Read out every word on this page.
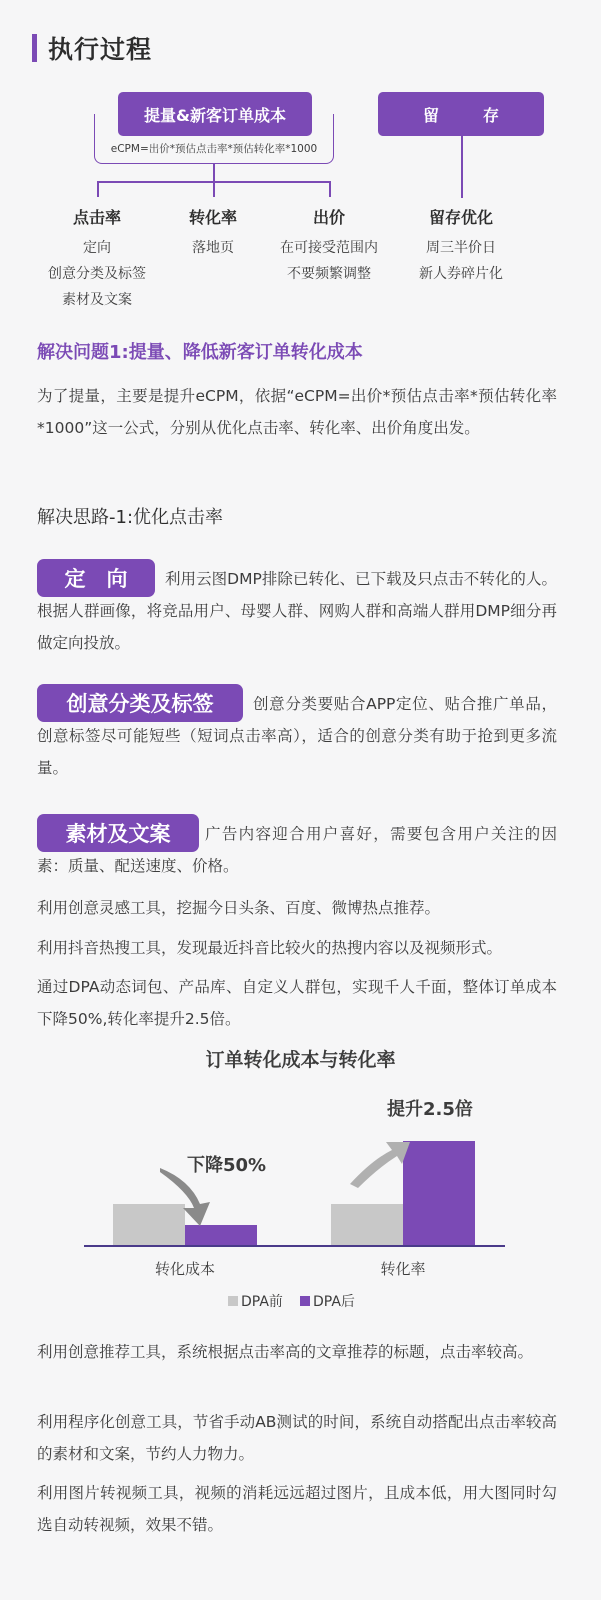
执行过程
提量&新客订单成本	留　存
eCPM=出价*预估点击率*预估转化率*1000
点击率
定向
创意分类及标签
素材及文案
转化率
落地页
出价
在可接受范围内
不要频繁调整
留存优化
周三半价日
新人券碎片化
解决问题1:提量、降低新客订单转化成本
为了提量，主要是提升eCPM，依据“eCPM=出价*预估点击率*预估转化率*1000”这一公式，分别从优化点击率、转化率、出价角度出发。
解决思路-1:优化点击率
定　向	利用云图DMP排除已转化、已下载及只点击不转化的人。根据人群画像，将竞品用户、母婴人群、网购人群和高端人群用DMP细分再做定向投放。
创意分类及标签	创意分类要贴合APP定位、贴合推广单品，创意标签尽可能短些（短词点击率高），适合的创意分类有助于抢到更多流量。
素材及文案	广告内容迎合用户喜好，需要包含用户关注的因素：质量、配送速度、价格。
利用创意灵感工具，挖掘今日头条、百度、微博热点推荐。
利用抖音热搜工具，发现最近抖音比较火的热搜内容以及视频形式。
通过DPA动态词包、产品库、自定义人群包，实现千人千面，整体订单成本下降50%,转化率提升2.5倍。
订单转化成本与转化率
转化成本	转化率
下降50%
提升2.5倍
DPA前 DPA后
利用创意推荐工具，系统根据点击率高的文章推荐的标题，点击率较高。
利用程序化创意工具，节省手动AB测试的时间，系统自动搭配出点击率较高的素材和文案，节约人力物力。
利用图片转视频工具，视频的消耗远远超过图片，且成本低，用大图同时勾选自动转视频，效果不错。
